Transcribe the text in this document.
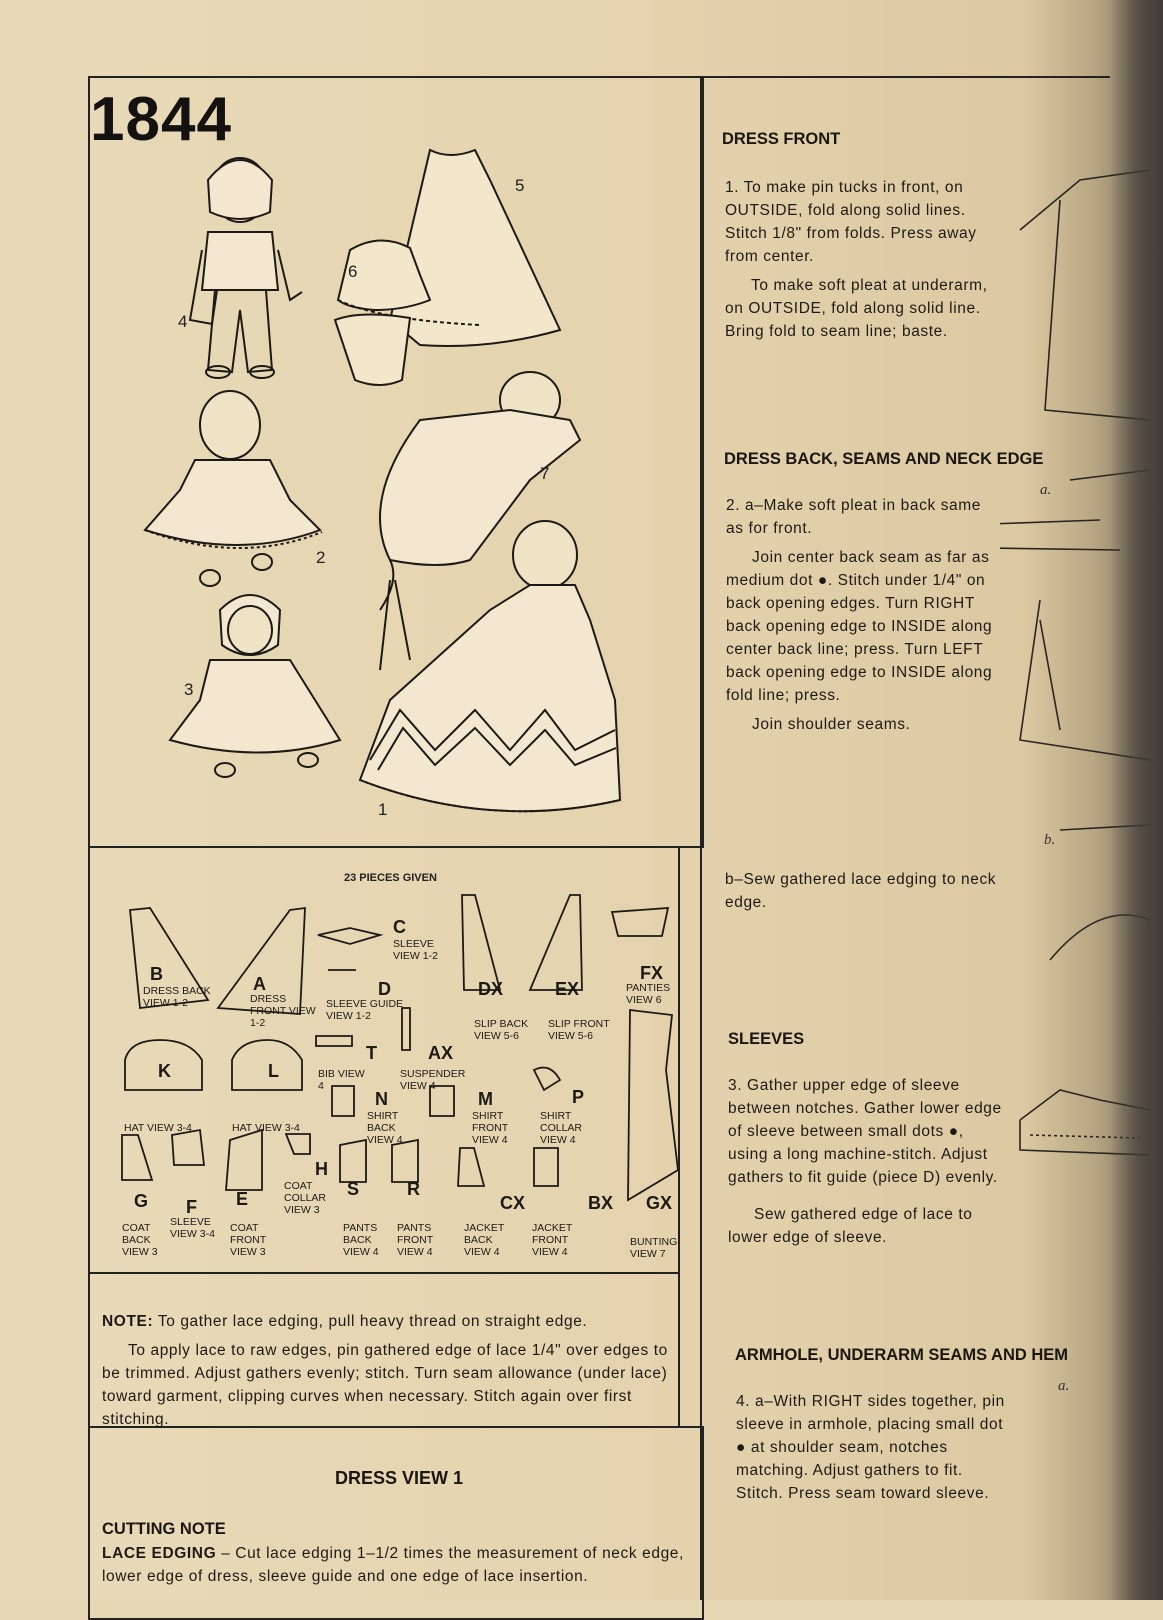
1844
5
6
4
7
2
3
1
23 PIECES GIVEN
B
DRESS BACK VIEW 1-2
A
DRESS FRONT VIEW 1-2
C
SLEEVE VIEW 1-2
D
SLEEVE GUIDE VIEW 1-2
DX
SLIP BACK VIEW 5-6
EX
SLIP FRONT VIEW 5-6
FX
PANTIES VIEW 6
T
BIB VIEW 4
AX
SUSPENDER VIEW 4
K
HAT VIEW 3-4
L
HAT VIEW 3-4
N
SHIRT BACK VIEW 4
M
SHIRT FRONT VIEW 4
P
SHIRT COLLAR VIEW 4
G
COAT BACK VIEW 3
F
SLEEVE VIEW 3-4
E
COAT FRONT VIEW 3
H
COAT COLLAR VIEW 3
S
PANTS BACK VIEW 4
R
PANTS FRONT VIEW 4
CX
JACKET BACK VIEW 4
BX
JACKET FRONT VIEW 4
GX
BUNTING VIEW 7

NOTE: To gather lace edging, pull heavy thread on straight edge.

To apply lace to raw edges, pin gathered edge of lace 1/4" over edges to be trimmed. Adjust gathers evenly; stitch. Turn seam allowance (under lace) toward garment, clipping curves when necessary. Stitch again over first stitching.

DRESS VIEW 1
CUTTING NOTE
LACE EDGING – Cut lace edging 1–1/2 times the measurement of neck edge, lower edge of dress, sleeve guide and one edge of lace insertion.
DRESS FRONT

1. To make pin tucks in front, on OUTSIDE, fold along solid lines. Stitch 1/8" from folds. Press away from center.

To make soft pleat at underarm, on OUTSIDE, fold along solid line. Bring fold to seam line; baste.

DRESS BACK, SEAMS AND NECK EDGE

2. a–Make soft pleat in back same as for front.

Join center back seam as far as medium dot ●. Stitch under 1/4" on back opening edges. Turn RIGHT back opening edge to INSIDE along center back line; press. Turn LEFT back opening edge to INSIDE along fold line; press.

Join shoulder seams.

b–Sew gathered lace edging to neck edge.
SLEEVES

3. Gather upper edge of sleeve between notches. Gather lower edge of sleeve between small dots ●, using a long machine-stitch. Adjust gathers to fit guide (piece D) evenly.

Sew gathered edge of lace to lower edge of sleeve.

ARMHOLE, UNDERARM SEAMS AND HEM
4. a–With RIGHT sides together, pin sleeve in armhole, placing small dot ● at shoulder seam, notches matching. Adjust gathers to fit. Stitch. Press seam toward sleeve.
a.
b.
a.
